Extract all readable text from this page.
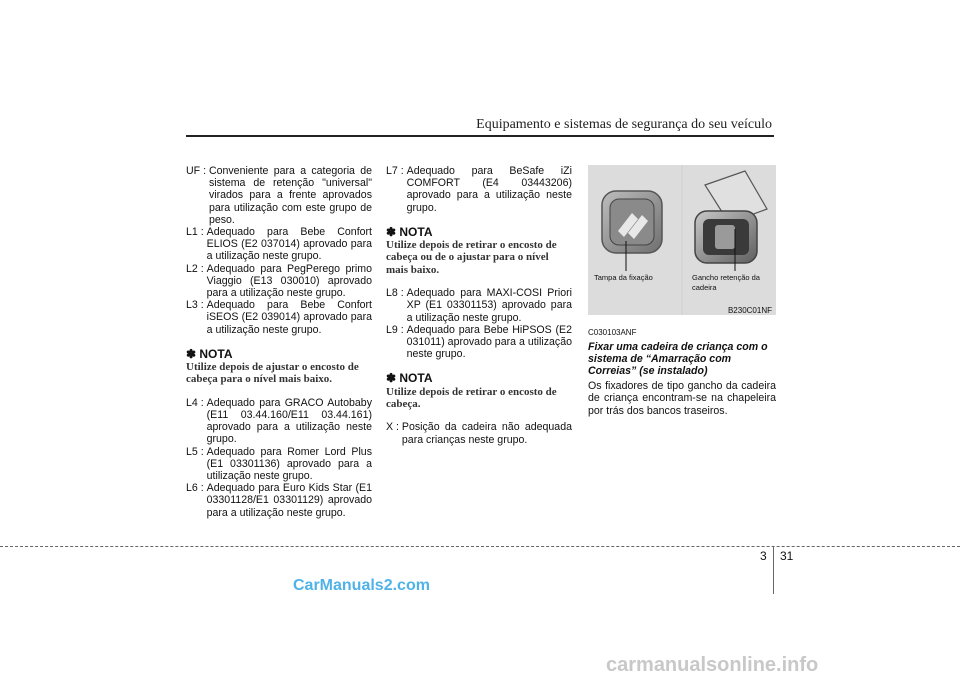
Equipamento e sistemas de segurança do seu veículo
UF : Conveniente para a categoria de sistema de retenção "universal" virados para a frente aprovados para utilização com este grupo de peso.
L1 : Adequado para Bebe Confort ELIOS (E2 037014) aprovado para a utilização neste grupo.
L2 : Adequado para PegPerego primo Viaggio (E13 030010) aprovado para a utilização neste grupo.
L3 : Adequado para Bebe Confort iSEOS (E2 039014) aprovado para a utilização neste grupo.
✽ NOTA
Utilize depois de ajustar o encosto de cabeça para o nível mais baixo.
L4 : Adequado para GRACO Autobaby (E11 03.44.160/E11 03.44.161) aprovado para a utilização neste grupo.
L5 : Adequado para Romer Lord Plus (E1 03301136) aprovado para a utilização neste grupo.
L6 : Adequado para Euro Kids Star (E1 03301128/E1 03301129) aprovado para a utilização neste grupo.
L7 : Adequado para BeSafe iZi COMFORT (E4 03443206) aprovado para a utilização neste grupo.
✽ NOTA
Utilize depois de retirar o encosto de cabeça ou de o ajustar para o nível mais baixo.
L8 : Adequado para MAXI-COSI Priori XP (E1 03301153) aprovado para a utilização neste grupo.
L9 : Adequado para Bebe HiPSOS (E2 031011) aprovado para a utilização neste grupo.
✽ NOTA
Utilize depois de retirar o encosto de cabeça.
X : Posição da cadeira não adequada para crianças neste grupo.
Tampa da fixação	Gancho retenção da cadeira
B230C01NF
C030103ANF
Fixar uma cadeira de criança com o sistema de “Amarração com Correias” (se instalado)
Os fixadores de tipo gancho da cadeira de criança encontram-se na chapeleira por trás dos bancos traseiros.
3 31
CarManuals2.com
carmanualsonline.info
